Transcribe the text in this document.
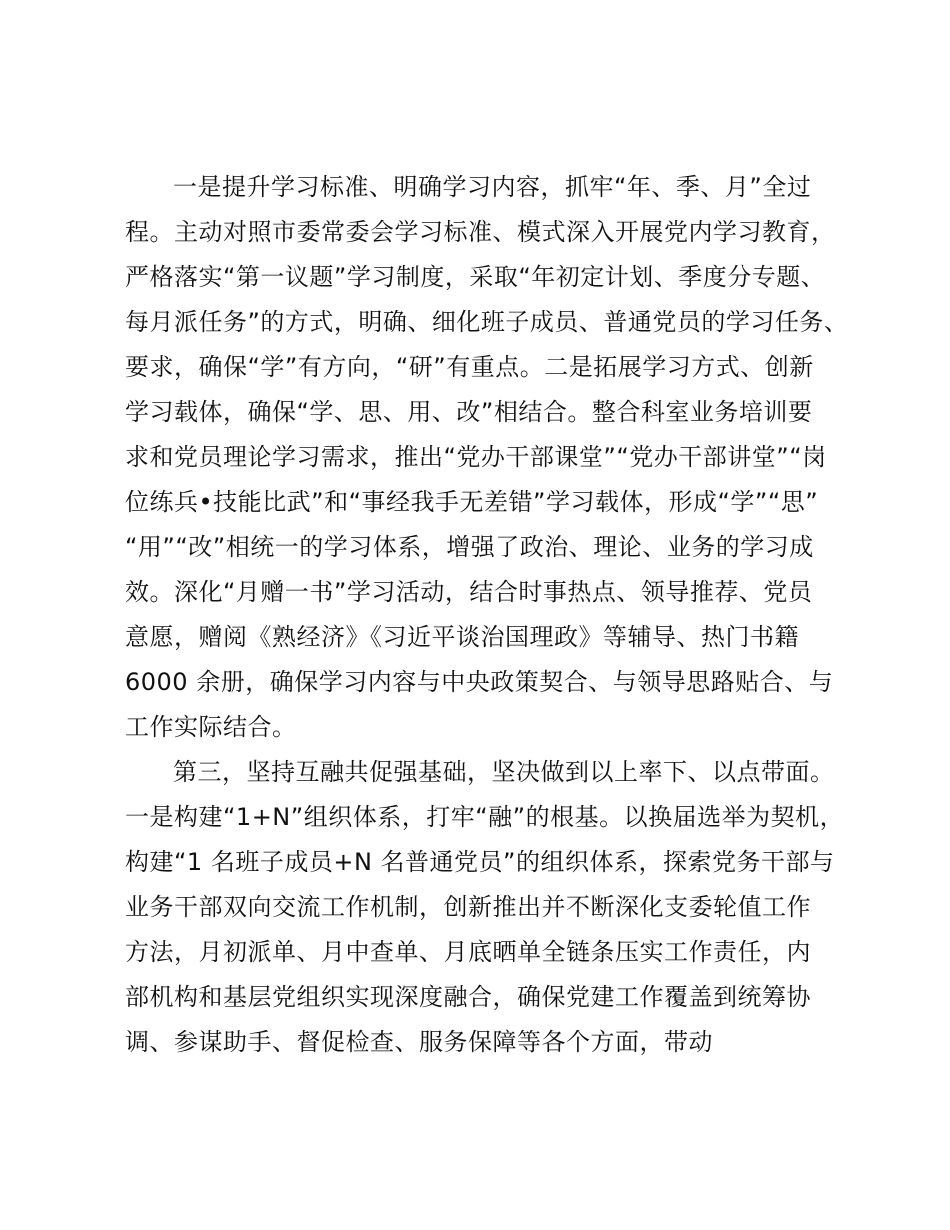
一是提升学习标准、明确学习内容，抓牢“年、季、月”全过
程。主动对照市委常委会学习标准、模式深入开展党内学习教育，
严格落实“第一议题”学习制度，采取“年初定计划、季度分专题、
每月派任务”的方式，明确、细化班子成员、普通党员的学习任务、
要求，确保“学”有方向，“研”有重点。二是拓展学习方式、创新
学习载体，确保“学、思、用、改”相结合。整合科室业务培训要
求和党员理论学习需求，推出“党办干部课堂”“党办干部讲堂”“岗
位练兵•技能比武”和“事经我手无差错”学习载体，形成“学”“思”
“用”“改”相统一的学习体系，增强了政治、理论、业务的学习成
效。深化“月赠一书”学习活动，结合时事热点、领导推荐、党员
意愿，赠阅《熟经济》《习近平谈治国理政》等辅导、热门书籍
6000 余册，确保学习内容与中央政策契合、与领导思路贴合、与
工作实际结合。
第三，坚持互融共促强基础，坚决做到以上率下、以点带面。
一是构建“1+N”组织体系，打牢“融”的根基。以换届选举为契机，
构建“1 名班子成员+N 名普通党员”的组织体系，探索党务干部与
业务干部双向交流工作机制，创新推出并不断深化支委轮值工作
方法，月初派单、月中查单、月底晒单全链条压实工作责任，内
部机构和基层党组织实现深度融合，确保党建工作覆盖到统筹协
调、参谋助手、督促检查、服务保障等各个方面，带动
